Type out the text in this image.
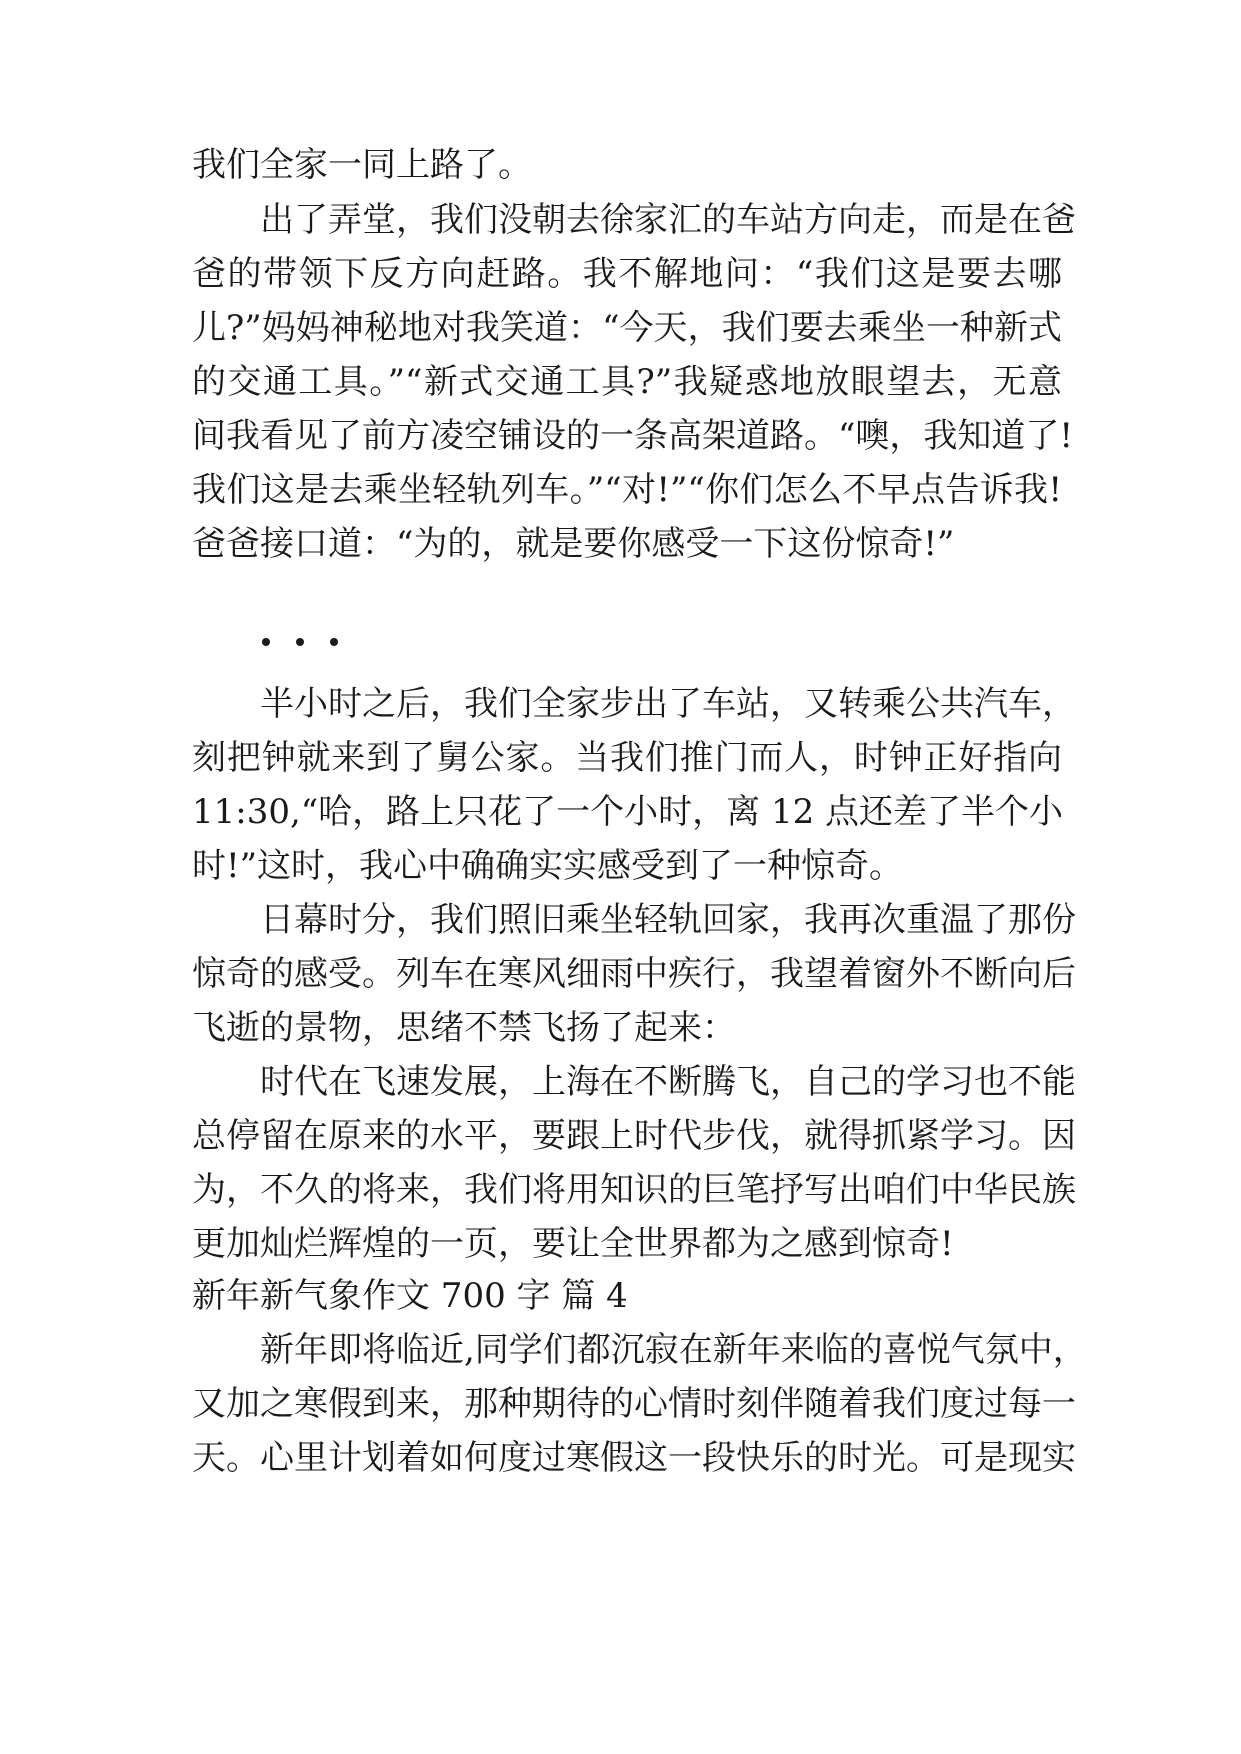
我们全家一同上路了。
出了弄堂，我们没朝去徐家汇的车站方向走，而是在爸
爸的带领下反方向赶路。我不解地问：“我们这是要去哪
儿?”妈妈神秘地对我笑道：“今天，我们要去乘坐一种新式
的交通工具。”“新式交通工具?”我疑惑地放眼望去，无意
间我看见了前方凌空铺设的一条高架道路。“噢，我知道了!
我们这是去乘坐轻轨列车。”“对!”“你们怎么不早点告诉我!
爸爸接口道：“为的，就是要你感受一下这份惊奇!”
半小时之后，我们全家步出了车站，又转乘公共汽车，
刻把钟就来到了舅公家。当我们推门而人，时钟正好指向
11:30,“哈，路上只花了一个小时，离 12 点还差了半个小
时!”这时，我心中确确实实感受到了一种惊奇。
日幕时分，我们照旧乘坐轻轨回家，我再次重温了那份
惊奇的感受。列车在寒风细雨中疾行，我望着窗外不断向后
飞逝的景物，思绪不禁飞扬了起来：
时代在飞速发展，上海在不断腾飞，自己的学习也不能
总停留在原来的水平，要跟上时代步伐，就得抓紧学习。因
为，不久的将来，我们将用知识的巨笔抒写出咱们中华民族
更加灿烂辉煌的一页，要让全世界都为之感到惊奇!
新年新气象作文 700 字 篇 4
新年即将临近,同学们都沉寂在新年来临的喜悦气氛中，
又加之寒假到来，那种期待的心情时刻伴随着我们度过每一
天。心里计划着如何度过寒假这一段快乐的时光。可是现实
